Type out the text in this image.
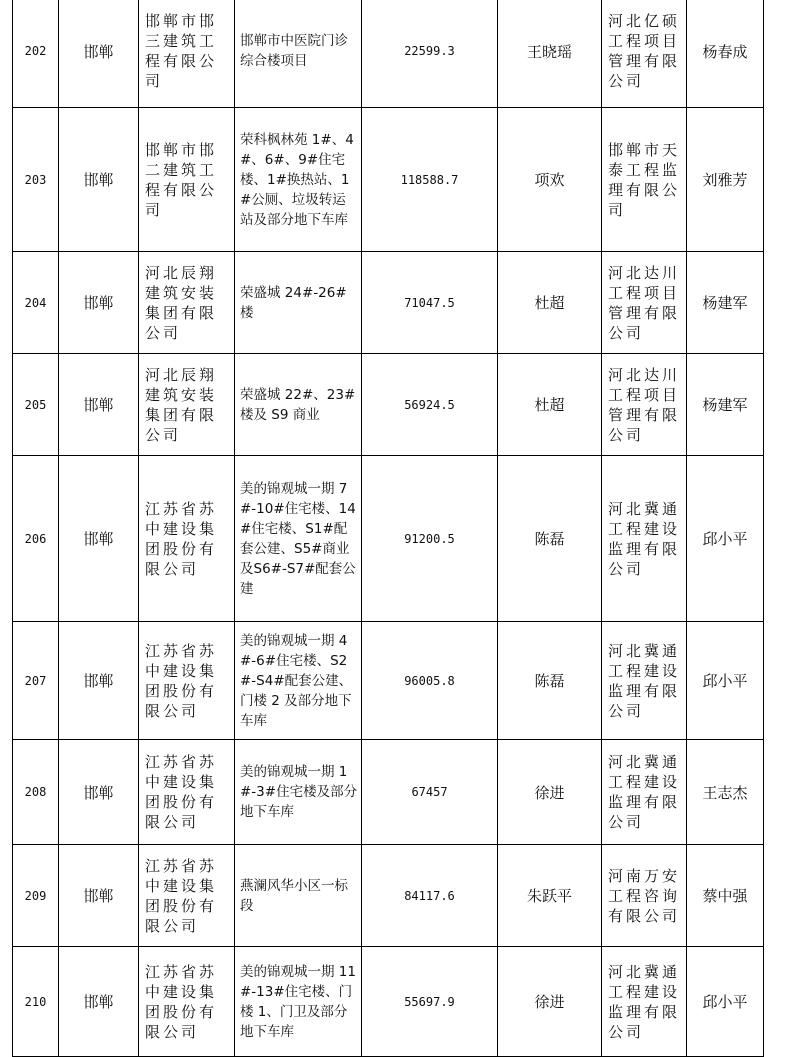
202	邯郸	邯郸市邯三建筑工程有限公司	邯郸市中医院门诊综合楼项目	22599.3	王晓瑶	河北亿硕工程项目管理有限公司	杨春成
203	邯郸	邯郸市邯二建筑工程有限公司	荣科枫林苑 1#、4#、6#、9#住宅楼、1#换热站、1#公厕、垃圾转运站及部分地下车库	118588.7	项欢	邯郸市天泰工程监理有限公司	刘雅芳
204	邯郸	河北辰翔建筑安装集团有限公司	荣盛城 24#-26#楼	71047.5	杜超	河北达川工程项目管理有限公司	杨建军
205	邯郸	河北辰翔建筑安装集团有限公司	荣盛城 22#、23#楼及 S9 商业	56924.5	杜超	河北达川工程项目管理有限公司	杨建军
206	邯郸	江苏省苏中建设集团股份有限公司	美的锦观城一期 7#-10#住宅楼、14#住宅楼、S1#配套公建、S5#商业及S6#-S7#配套公建	91200.5	陈磊	河北冀通工程建设监理有限公司	邱小平
207	邯郸	江苏省苏中建设集团股份有限公司	美的锦观城一期 4#-6#住宅楼、S2#-S4#配套公建、门楼 2 及部分地下车库	96005.8	陈磊	河北冀通工程建设监理有限公司	邱小平
208	邯郸	江苏省苏中建设集团股份有限公司	美的锦观城一期 1#-3#住宅楼及部分地下车库	67457	徐进	河北冀通工程建设监理有限公司	王志杰
209	邯郸	江苏省苏中建设集团股份有限公司	燕澜风华小区一标段	84117.6	朱跃平	河南万安工程咨询有限公司	蔡中强
210	邯郸	江苏省苏中建设集团股份有限公司	美的锦观城一期 11#-13#住宅楼、门楼 1、门卫及部分地下车库	55697.9	徐进	河北冀通工程建设监理有限公司	邱小平
